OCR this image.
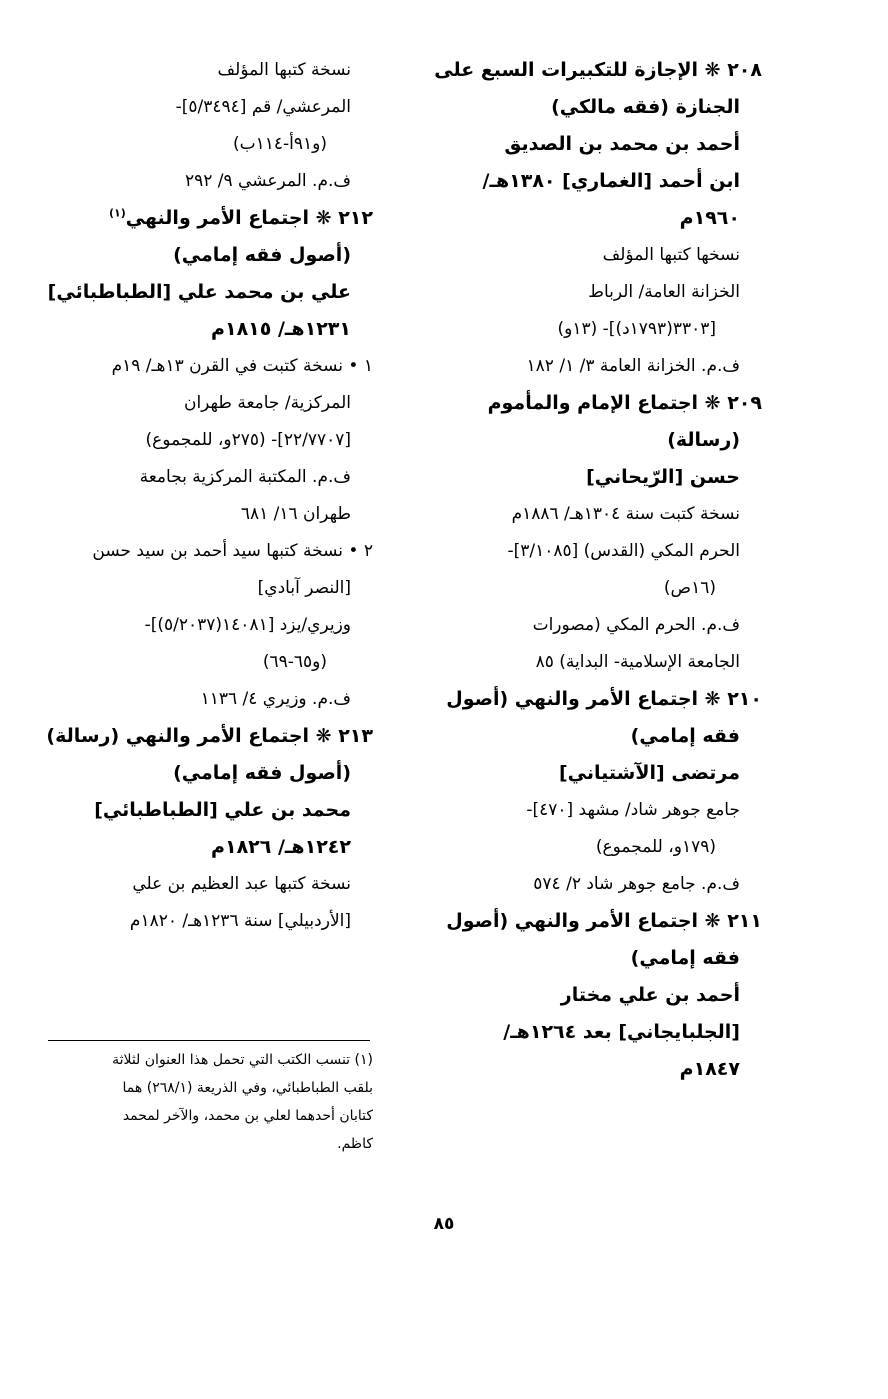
٢٠٨ ❋ الإجازة للتكبيرات السبع على
الجنازة (فقه مالكي)
أحمد بن محمد بن الصديق
ابن أحمد [الغماري] ١٣٨٠هـ/
١٩٦٠م
نسخها كتبها المؤلف
الخزانة العامة/ الرباط
[٣٣٠٣(١٧٩٣د)]- (١٣و)
ف.م. الخزانة العامة ٣/ ١/ ١٨٢
٢٠٩ ❋ اجتماع الإمام والمأموم
(رسالة)
حسن [الرّيحاني]
نسخة كتبت سنة ١٣٠٤هـ/ ١٨٨٦م
الحرم المكي (القدس) [٣/١٠٨٥]-
(١٦ص)
ف.م. الحرم المكي (مصورات
الجامعة الإسلامية- البداية) ٨٥
٢١٠ ❋ اجتماع الأمر والنهي (أصول
فقه إمامي)
مرتضى [الآشتياني]
جامع جوهر شاد/ مشهد [٤٧٠]-
(١٧٩و، للمجموع)
ف.م. جامع جوهر شاد ٢/ ٥٧٤
٢١١ ❋ اجتماع الأمر والنهي (أصول
فقه إمامي)
أحمد بن علي مختار
[الجلبايجاني] بعد ١٢٦٤هـ/
١٨٤٧م
نسخة كتبها المؤلف
المرعشي/ قم [٥/٣٤٩٤]-
(و٩١أ-١١٤ب)
ف.م. المرعشي ٩/ ٢٩٢
٢١٢ ❋ اجتماع الأمر والنهي$^{(١)}$
(أصول فقه إمامي)
علي بن محمد علي [الطباطبائي]
١٢٣١هـ/ ١٨١٥م
١ • نسخة كتبت في القرن ١٣هـ/ ١٩م
المركزية/ جامعة طهران
[٢٢/٧٧٠٧]- (٢٧٥و، للمجموع)
ف.م. المكتبة المركزية بجامعة
طهران ١٦/ ٦٨١
٢ • نسخة كتبها سيد أحمد بن سيد حسن
[النصر آبادي]
وزيري/يزد [١٤٠٨١(٥/٢٠٣٧)]-
(و٦٥-٦٩)
ف.م. وزيري ٤/ ١١٣٦
٢١٣ ❋ اجتماع الأمر والنهي (رسالة)
(أصول فقه إمامي)
محمد بن علي [الطباطبائي]
١٢٤٢هـ/ ١٨٢٦م
نسخة كتبها عبد العظيم بن علي
[الأردبيلي] سنة ١٢٣٦هـ/ ١٨٢٠م
(١) تنسب الكتب التي تحمل هذا العنوان لثلاثة
بلقب الطباطبائي، وفي الذريعة (٢٦٨/١) هما
كتابان أحدهما لعلي بن محمد، والآخر لمحمد
كاظم.
٨٥
